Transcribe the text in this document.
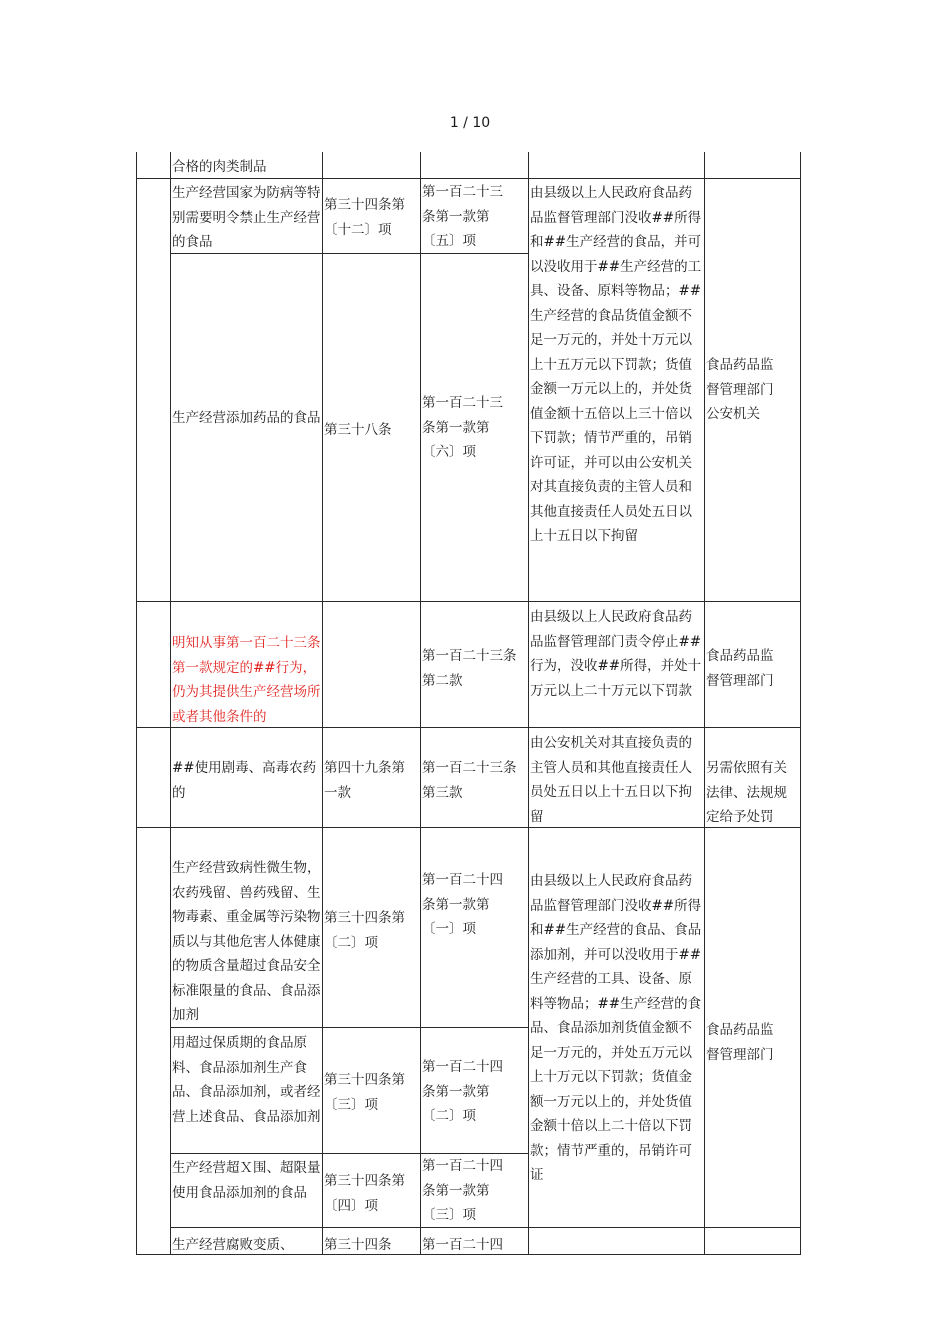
1 / 10
合格的肉类制品
生产经营国家为防病等特别需要明令禁止生产经营的食品
第三十四条第〔十二〕项
第一百二十三条第一款第〔五〕项
由县级以上人民政府食品药品监督管理部门没收##所得和##生产经营的食品，并可以没收用于##生产经营的工具、设备、原料等物品；##生产经营的食品货值金额不足一万元的，并处十万元以上十五万元以下罚款；货值金额一万元以上的，并处货值金额十五倍以上三十倍以下罚款；情节严重的，吊销许可证，并可以由公安机关对其直接负责的主管人员和其他直接责任人员处五日以上十五日以下拘留
食品药品监督管理部门公安机关
生产经营添加药品的食品
第三十八条
第一百二十三条第一款第〔六〕项
明知从事第一百二十三条第一款规定的##行为，仍为其提供生产经营场所或者其他条件的
第一百二十三条第二款
由县级以上人民政府食品药品监督管理部门责令停止##行为，没收##所得，并处十万元以上二十万元以下罚款
食品药品监督管理部门
##使用剧毒、高毒农药的
第四十九条第一款
第一百二十三条第三款
由公安机关对其直接负责的主管人员和其他直接责任人员处五日以上十五日以下拘留
另需依照有关法律、法规规定给予处罚
生产经营致病性微生物，农药残留、兽药残留、生物毒素、重金属等污染物质以与其他危害人体健康的物质含量超过食品安全标准限量的食品、食品添加剂
第三十四条第〔二〕项
第一百二十四条第一款第〔一〕项
由县级以上人民政府食品药品监督管理部门没收##所得和##生产经营的食品、食品添加剂，并可以没收用于##生产经营的工具、设备、原料等物品；##生产经营的食品、食品添加剂货值金额不足一万元的，并处五万元以上十万元以下罚款；货值金额一万元以上的，并处货值金额十倍以上二十倍以下罚款；情节严重的，吊销许可证
食品药品监督管理部门
用超过保质期的食品原料、食品添加剂生产食品、食品添加剂，或者经营上述食品、食品添加剂
第三十四条第〔三〕项
第一百二十四条第一款第〔二〕项
生产经营超Ｘ围、超限量使用食品添加剂的食品
第三十四条第〔四〕项
第一百二十四条第一款第〔三〕项
生产经营腐败变质、	第三十四条	第一百二十四
